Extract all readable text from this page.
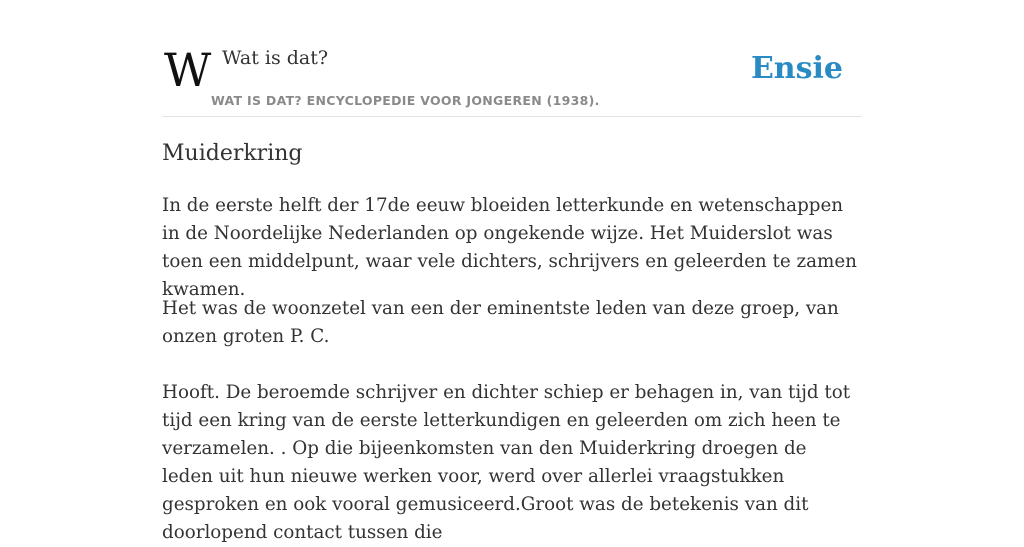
W Wat is dat?
WAT IS DAT? ENCYCLOPEDIE VOOR JONGEREN (1938).
Ensie
Muiderkring

In de eerste helft der 17de eeuw bloeiden letterkunde en wetenschappen in de Noordelijke Nederlanden op ongekende wijze. Het Muiderslot was toen een middelpunt, waar vele dichters, schrijvers en geleerden te zamen kwamen.

Het was de woonzetel van een der eminentste leden van deze groep, van onzen groten P. C.

Hooft. De beroemde schrijver en dichter schiep er behagen in, van tijd tot tijd een kring van de eerste letterkundigen en geleerden om zich heen te verzamelen. . Op die bijeenkomsten van den Muiderkring droegen de leden uit hun nieuwe werken voor, werd over allerlei vraagstukken gesproken en ook vooral gemusiceerd.Groot was de betekenis van dit doorlopend contact tussen die
